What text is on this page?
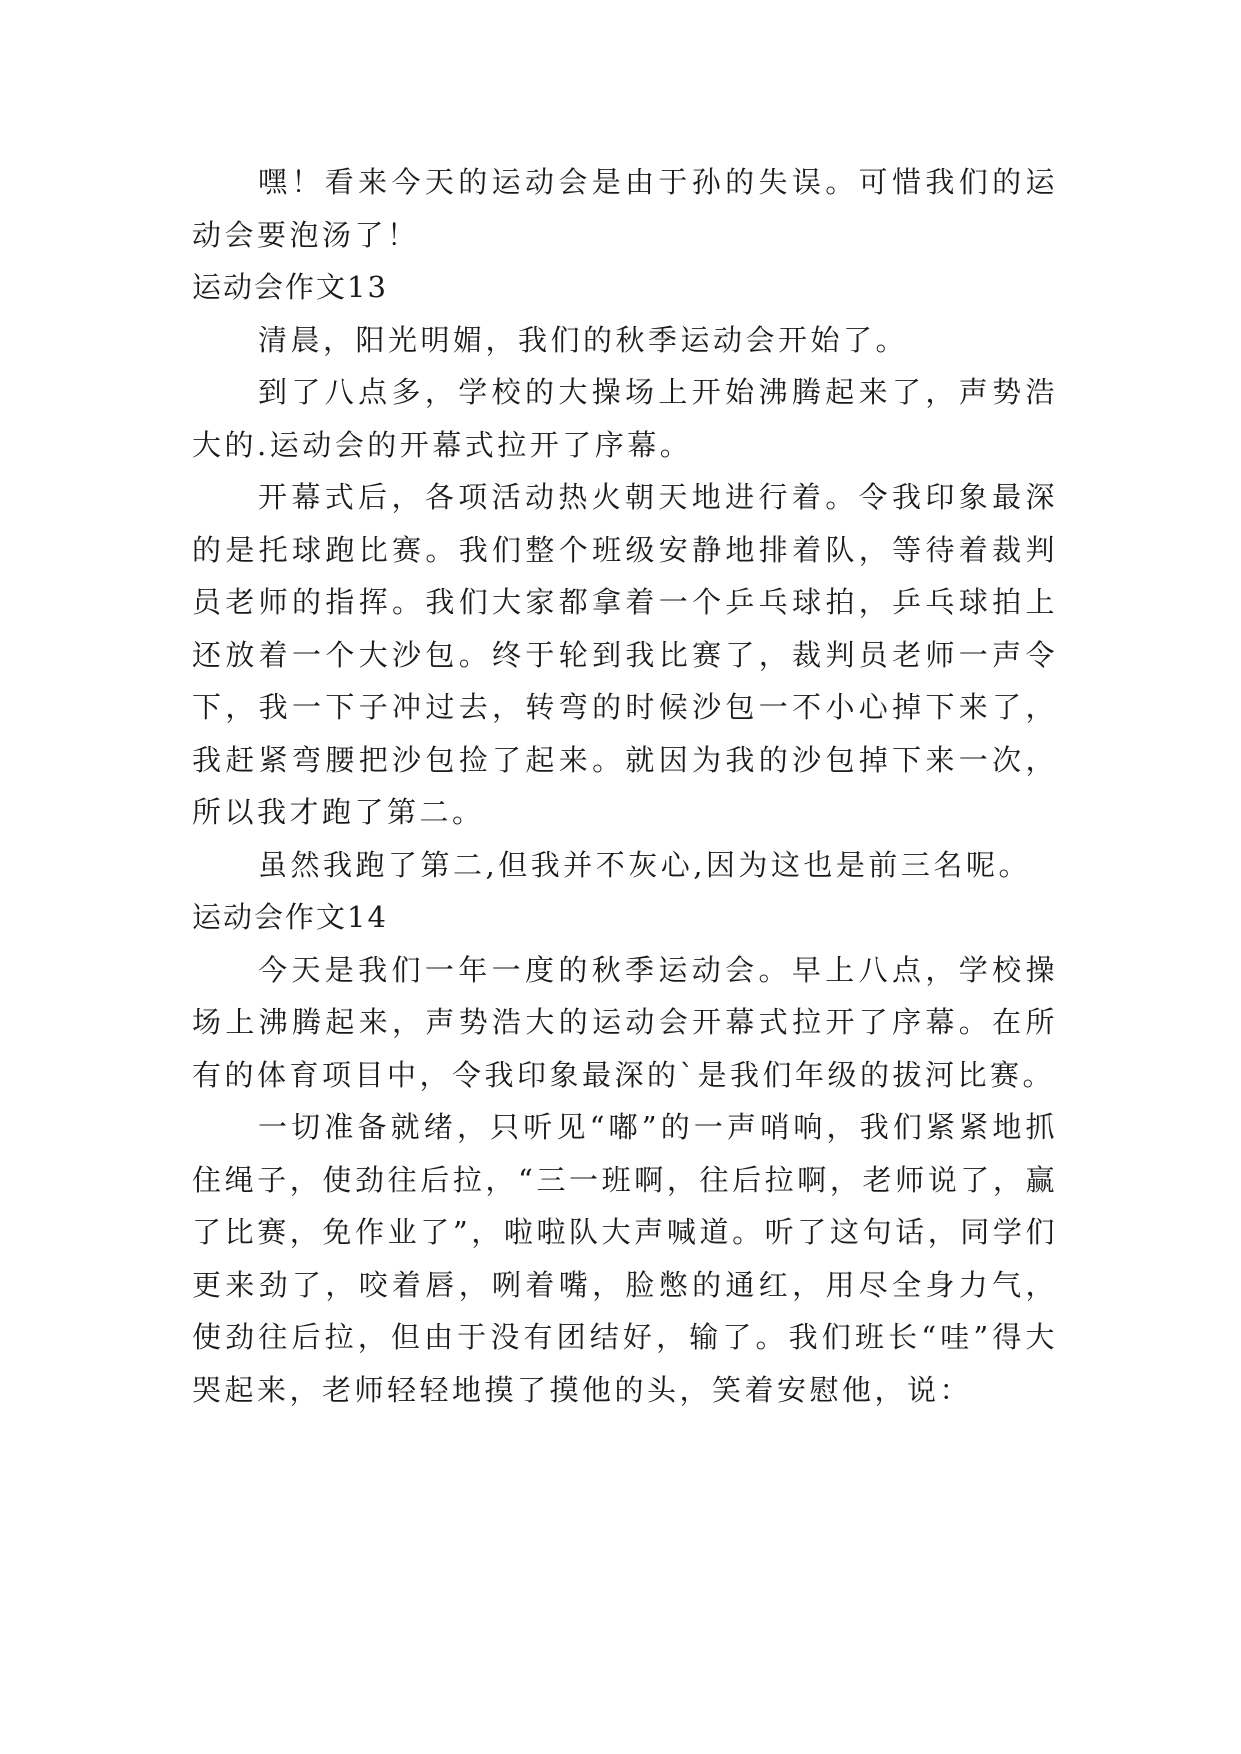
嘿！看来今天的运动会是由于孙的失误。可惜我们的运动会要泡汤了！

运动会作文13

清晨，阳光明媚，我们的秋季运动会开始了。

到了八点多，学校的大操场上开始沸腾起来了，声势浩大的.运动会的开幕式拉开了序幕。

开幕式后，各项活动热火朝天地进行着。令我印象最深的是托球跑比赛。我们整个班级安静地排着队，等待着裁判员老师的指挥。我们大家都拿着一个乒乓球拍，乒乓球拍上还放着一个大沙包。终于轮到我比赛了，裁判员老师一声令下，我一下子冲过去，转弯的时候沙包一不小心掉下来了，我赶紧弯腰把沙包捡了起来。就因为我的沙包掉下来一次，所以我才跑了第二。

虽然我跑了第二,但我并不灰心,因为这也是前三名呢。

运动会作文14

今天是我们一年一度的秋季运动会。早上八点，学校操场上沸腾起来，声势浩大的运动会开幕式拉开了序幕。在所有的体育项目中，令我印象最深的`是我们年级的拔河比赛。

一切准备就绪，只听见“嘟”的一声哨响，我们紧紧地抓住绳子，使劲往后拉，“三一班啊，往后拉啊，老师说了，赢了比赛，免作业了”，啦啦队大声喊道。听了这句话，同学们更来劲了，咬着唇，咧着嘴，脸憋的通红，用尽全身力气，使劲往后拉，但由于没有团结好，输了。我们班长“哇”得大哭起来，老师轻轻地摸了摸他的头，笑着安慰他，说：
